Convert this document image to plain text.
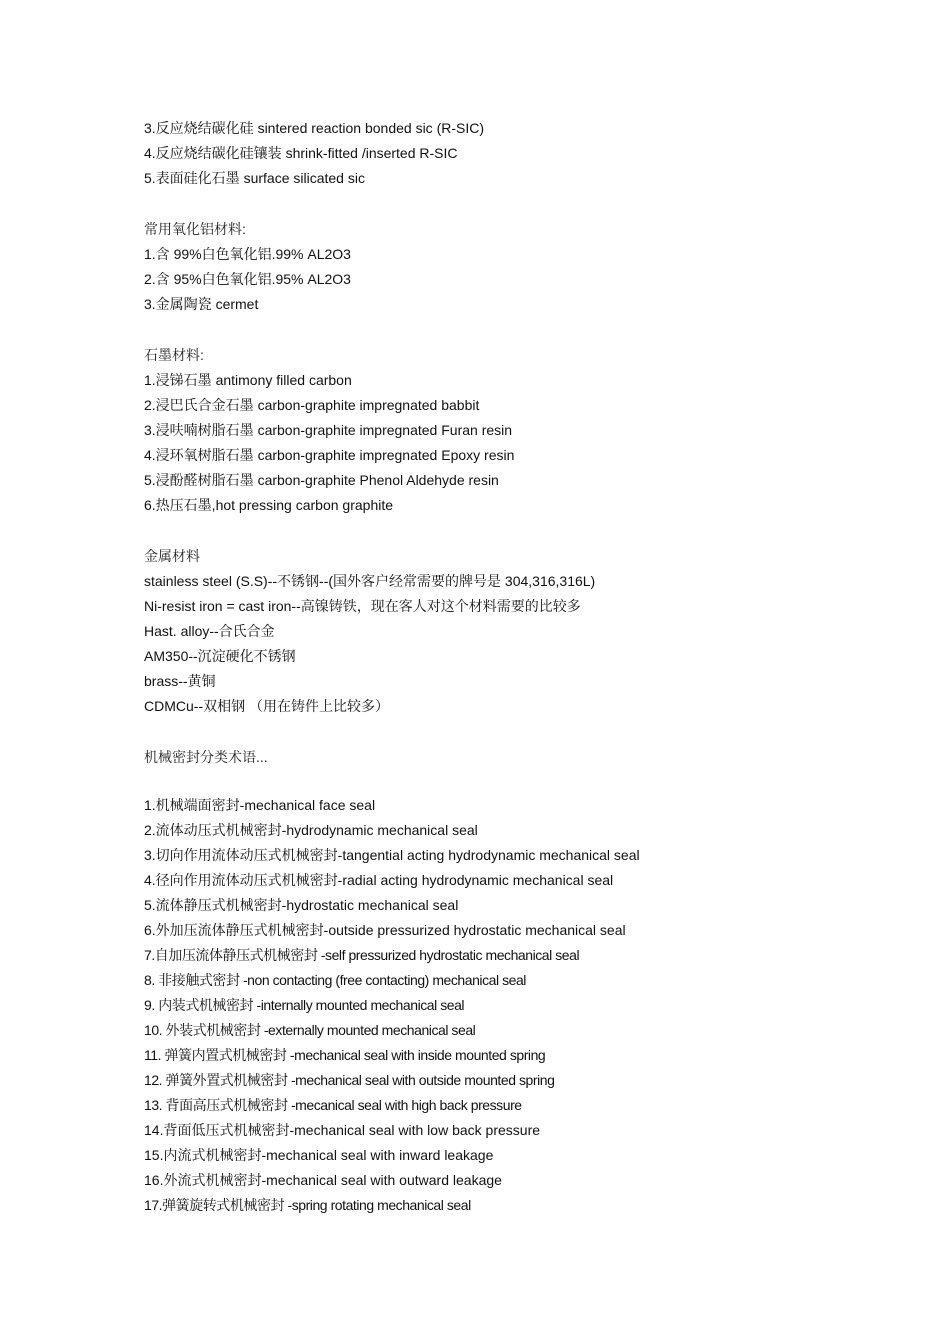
3.反应烧结碳化硅 sintered reaction bonded sic (R-SIC)
4.反应烧结碳化硅镶装 shrink-fitted /inserted R-SIC
5.表面硅化石墨 surface silicated sic
常用氧化铝材料:
1.含 99%白色氧化铝.99% AL2O3
2.含 95%白色氧化铝.95% AL2O3
3.金属陶瓷 cermet
石墨材料:
1.浸锑石墨 antimony filled carbon
2.浸巴氏合金石墨 carbon-graphite impregnated babbit
3.浸呋喃树脂石墨 carbon-graphite impregnated Furan resin
4.浸环氧树脂石墨 carbon-graphite impregnated Epoxy resin
5.浸酚醛树脂石墨 carbon-graphite Phenol Aldehyde resin
6.热压石墨,hot pressing carbon graphite
金属材料
stainless steel (S.S)--不锈钢--(国外客户经常需要的牌号是 304,316,316L)
Ni-resist iron = cast iron--高镍铸铁，现在客人对这个材料需要的比较多
Hast. alloy--合氏合金
AM350--沉淀硬化不锈钢
brass--黄铜
CDMCu--双相钢 （用在铸件上比较多）
机械密封分类术语...
1.机械端面密封-mechanical face seal
2.流体动压式机械密封-hydrodynamic mechanical seal
3.切向作用流体动压式机械密封-tangential acting hydrodynamic mechanical seal
4.径向作用流体动压式机械密封-radial acting hydrodynamic mechanical seal
5.流体静压式机械密封-hydrostatic mechanical seal
6.外加压流体静压式机械密封-outside pressurized hydrostatic mechanical seal
7.自加压流体静压式机械密封 -self pressurized hydrostatic mechanical seal
8. 非接触式密封 -non contacting (free contacting) mechanical seal
9. 内装式机械密封 -internally mounted mechanical seal
10. 外装式机械密封 -externally mounted mechanical seal
11. 弹簧内置式机械密封 -mechanical seal with inside mounted spring
12. 弹簧外置式机械密封 -mechanical seal with outside mounted spring
13. 背面高压式机械密封 -mecanical seal with high back pressure
14.背面低压式机械密封-mechanical seal with low back pressure
15.内流式机械密封-mechanical seal with inward leakage
16.外流式机械密封-mechanical seal with outward leakage
17.弹簧旋转式机械密封 -spring rotating mechanical seal
